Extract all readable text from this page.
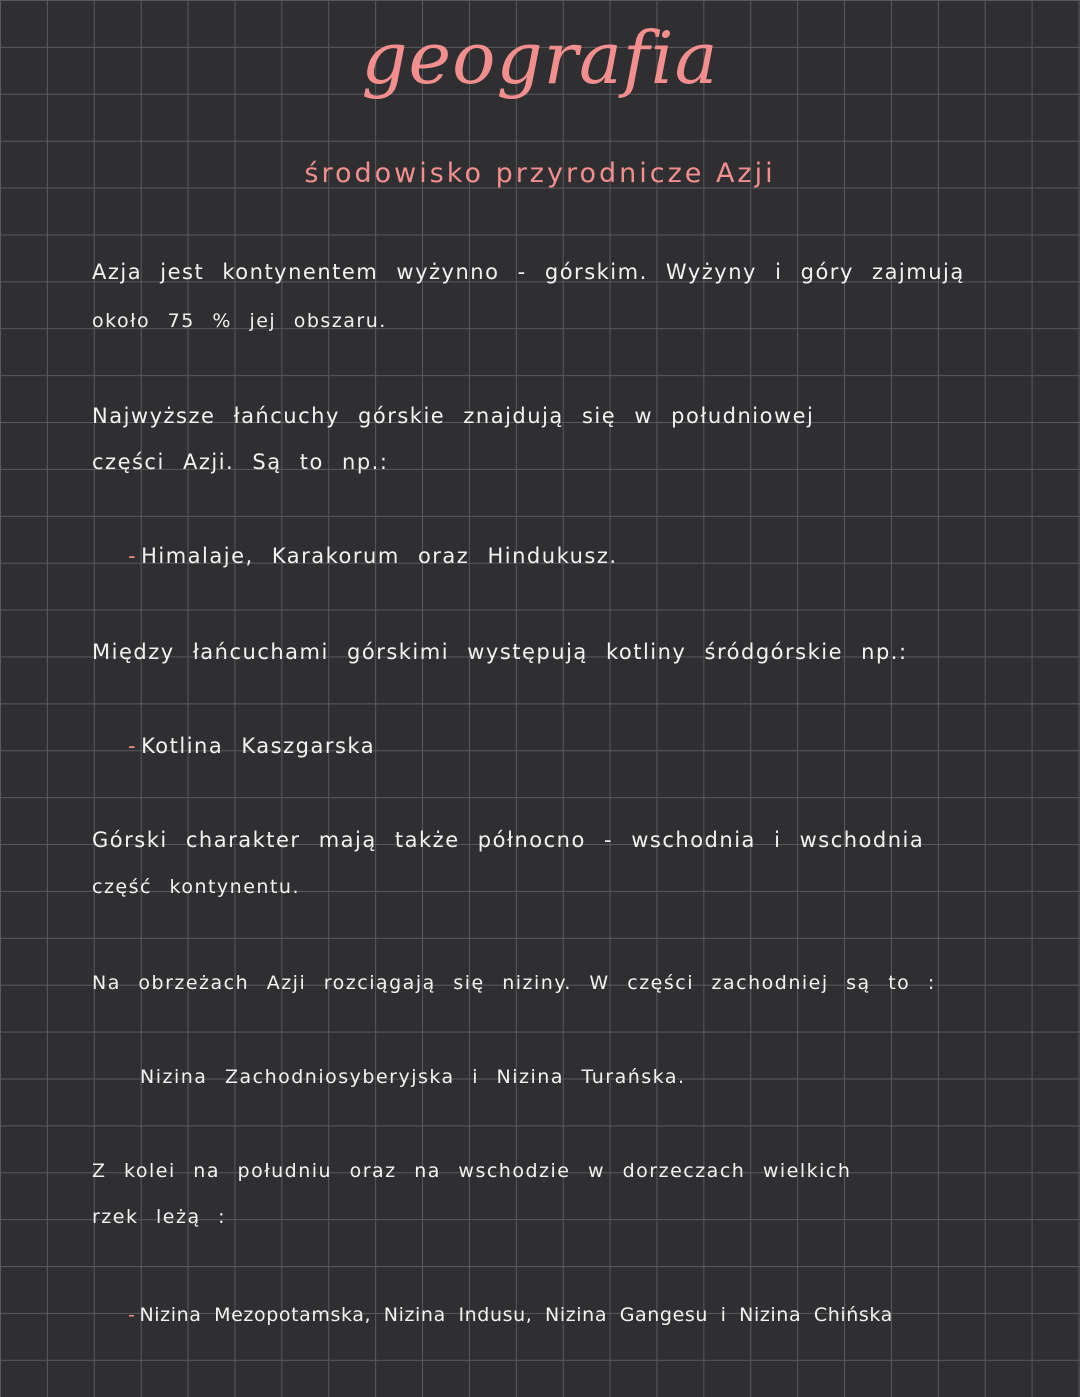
geografia
środowisko przyrodnicze Azji
Azja jest kontynentem wyżynno - górskim. Wyżyny i góry zajmują
około 75 % jej obszaru.
Najwyższe łańcuchy górskie znajdują się w południowej
części Azji. Są to np.:
- Himalaje, Karakorum oraz Hindukusz.
Między łańcuchami górskimi występują kotliny śródgórskie np.:
- Kotlina Kaszgarska
Górski charakter mają także północno - wschodnia i wschodnia
część kontynentu.
Na obrzeżach Azji rozciągają się niziny. W części zachodniej są to :
Nizina Zachodniosyberyjska i Nizina Turańska.
Z kolei na południu oraz na wschodzie w dorzeczach wielkich
rzek leżą :
- Nizina Mezopotamska, Nizina Indusu, Nizina Gangesu i Nizina Chińska
